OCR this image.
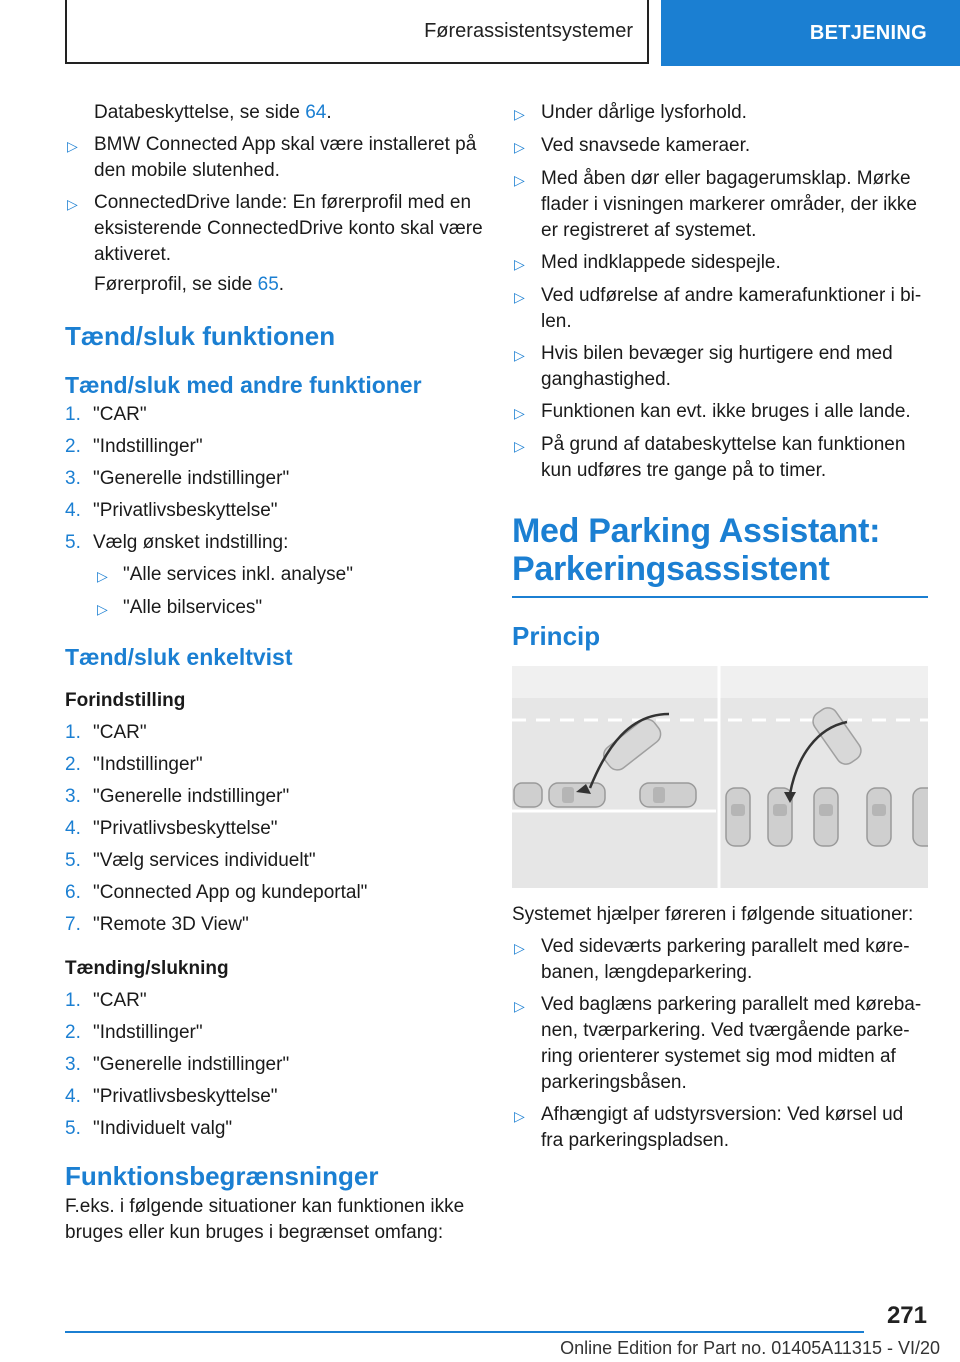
Førerassistentsystemer	BETJENING
Databeskyttelse, se side 64.
▷ BMW Connected App skal være installeret på den mobile slutenhed.
▷ ConnectedDrive lande: En førerprofil med en eksisterende ConnectedDrive konto skal være aktiveret.
Førerprofil, se side 65.
Tænd/sluk funktionen
Tænd/sluk med andre funktioner
1. "CAR"
2. "Indstillinger"
3. "Generelle indstillinger"
4. "Privatlivsbeskyttelse"
5. Vælg ønsket indstilling:
▷ "Alle services inkl. analyse"
▷ "Alle bilservices"
Tænd/sluk enkeltvist
Forindstilling
1. "CAR"
2. "Indstillinger"
3. "Generelle indstillinger"
4. "Privatlivsbeskyttelse"
5. "Vælg services individuelt"
6. "Connected App og kundeportal"
7. "Remote 3D View"
Tænding/slukning
1. "CAR"
2. "Indstillinger"
3. "Generelle indstillinger"
4. "Privatlivsbeskyttelse"
5. "Individuelt valg"
Funktionsbegrænsninger
F.eks. i følgende situationer kan funktionen ikke bruges eller kun bruges i begrænset omfang:
▷ Under dårlige lysforhold.
▷ Ved snavsede kameraer.
▷ Med åben dør eller bagagerumsklap. Mørke flader i visningen markerer områder, der ikke er registreret af systemet.
▷ Med indklappede sidespejle.
▷ Ved udførelse af andre kamerafunktioner i bilen.
▷ Hvis bilen bevæger sig hurtigere end med ganghastighed.
▷ Funktionen kan evt. ikke bruges i alle lande.
▷ På grund af databeskyttelse kan funktionen kun udføres tre gange på to timer.
Med Parking Assistant: Parkeringsassistent
Princip
Systemet hjælper føreren i følgende situationer:
▷ Ved sideværts parkering parallelt med kørebanen, længdeparkering.
▷ Ved baglæns parkering parallelt med kørebanen, tværparkering. Ved tværgående parkering orienterer systemet sig mod midten af parkeringsbåsen.
▷ Afhængigt af udstyrsversion: Ved kørsel ud fra parkeringspladsen.
271
Online Edition for Part no. 01405A11315 - VI/20
